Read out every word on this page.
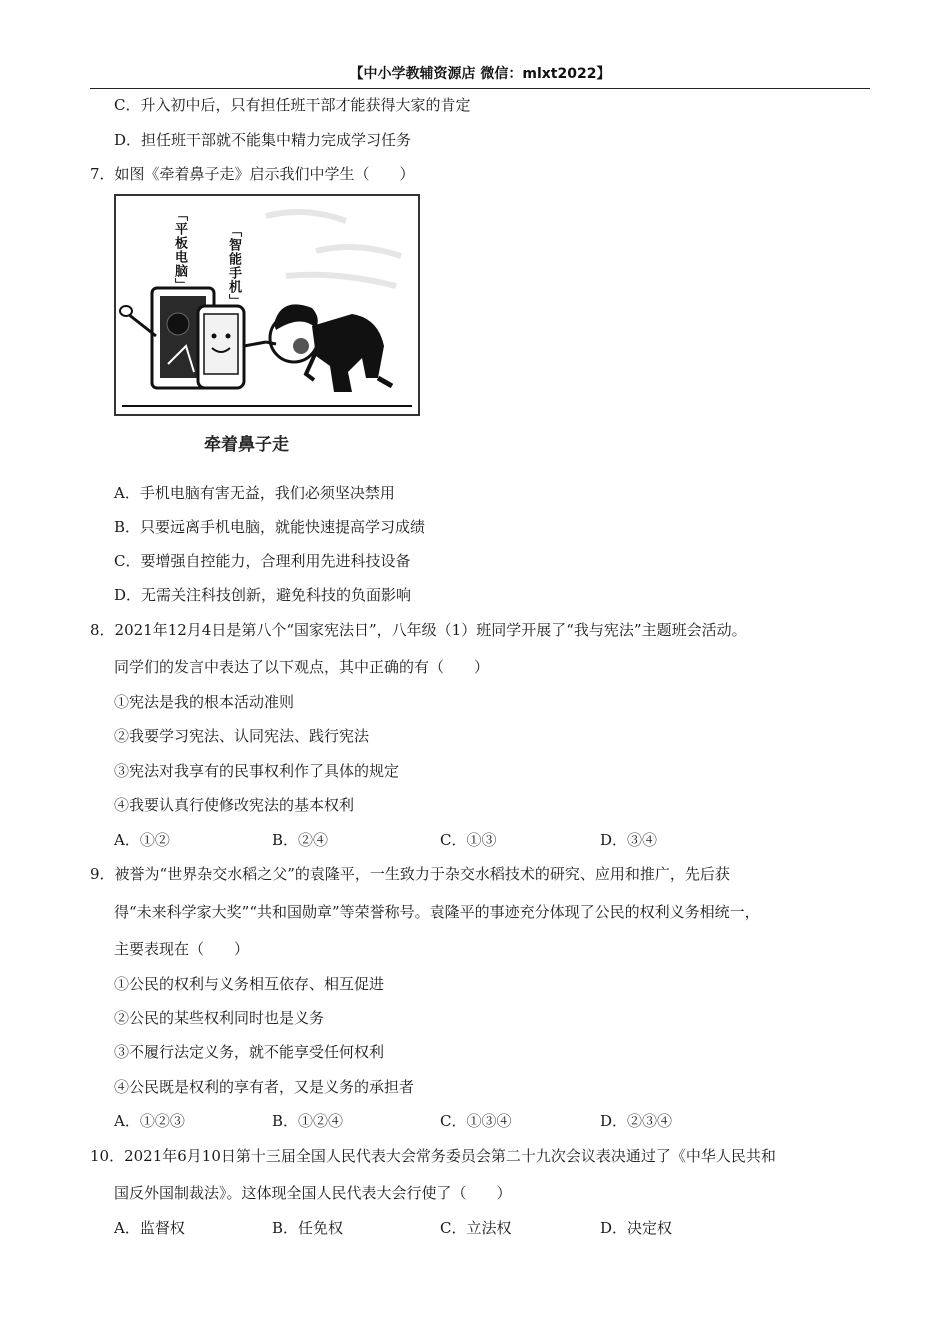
【中小学教辅资源店 微信：mlxt2022】
C．升入初中后，只有担任班干部才能获得大家的肯定
D．担任班干部就不能集中精力完成学习任务
7．如图《牵着鼻子走》启示我们中学生（　　）
「平板电脑」	「智能手机」
牵着鼻子走
A．手机电脑有害无益，我们必须坚决禁用
B．只要远离手机电脑，就能快速提高学习成绩
C．要增强自控能力，合理利用先进科技设备
D．无需关注科技创新，避免科技的负面影响
8．2021年12月4日是第八个“国家宪法日”，八年级（1）班同学开展了“我与宪法”主题班会活动。
同学们的发言中表达了以下观点，其中正确的有（　　）
①宪法是我的根本活动准则
②我要学习宪法、认同宪法、践行宪法
③宪法对我享有的民事权利作了具体的规定
④我要认真行使修改宪法的基本权利
A．①②	B．②④	C．①③	D．③④
9．被誉为“世界杂交水稻之父”的袁隆平，一生致力于杂交水稻技术的研究、应用和推广，先后获
得“未来科学家大奖”“共和国勋章”等荣誉称号。袁隆平的事迹充分体现了公民的权利义务相统一，
主要表现在（　　）
①公民的权利与义务相互依存、相互促进
②公民的某些权利同时也是义务
③不履行法定义务，就不能享受任何权利
④公民既是权利的享有者，又是义务的承担者
A．①②③	B．①②④	C．①③④	D．②③④
10．2021年6月10日第十三届全国人民代表大会常务委员会第二十九次会议表决通过了《中华人民共和
国反外国制裁法》。这体现全国人民代表大会行使了（　　）
A．监督权	B．任免权	C．立法权	D．决定权
